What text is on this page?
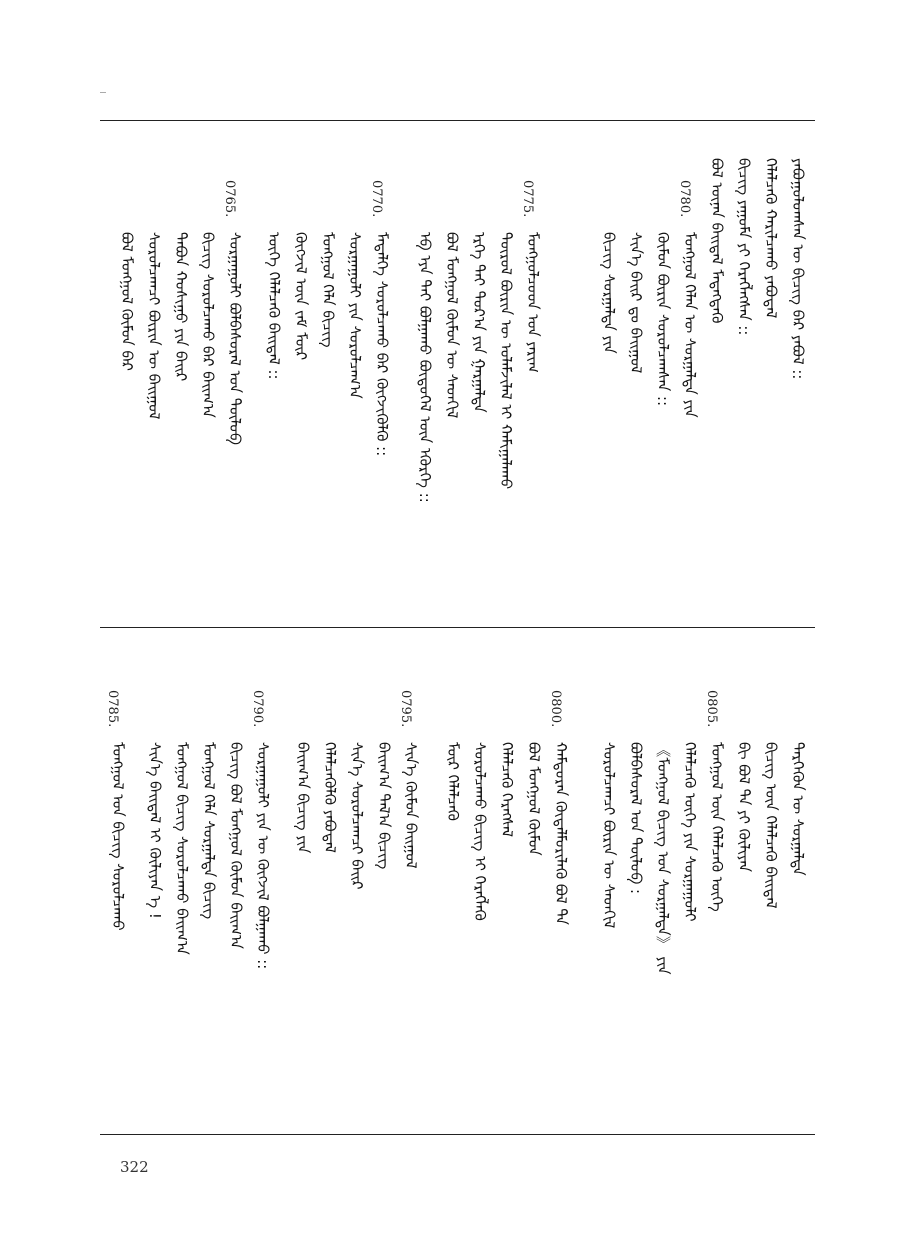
ᠶᠠᠪᠤᠭᠤᠯᠤᠭᠰᠠᠨ ᠦ ᠪᠢᠴᠢᠭ᠌ ᠪᠡᠷ ᠶᠠᠪᠤᠯ ::
ᠬᠡᠯᠡᠯᠴᠡᠬᠦ ᠬᠠᠷᠢᠯᠴᠠᠬᠤ ᠶᠠᠪᠤᠳᠠᠯ
ᠪᠢᠴᠢᠭ᠌ ᠶᠠᠭᠤᠮᠠ ᠶᠢ ᠬᠡᠷᠡᠭᠯᠡᠭᠰᠡᠨ ::
ᠪᠣᠯ ᠦᠨᠡᠨ ᠪᠠᠢᠳᠠᠯ ᠮᠡᠳᠡᠭᠳᠡᠬᠦ
0780.
ᠮᠣᠩᠭᠣᠯ ᠬᠡᠯᠡᠨ ᠦ ᠰᠤᠷᠭᠠᠯᠲᠠ ᠶᠢᠨ
ᠬᠦᠮᠦᠨ ᠪᠦᠷᠢᠨ ᠰᠤᠷᠤᠯᠴᠠᠭᠰᠠᠨ ::
ᠰᠢᠨ᠎ᠡ ᠪᠠᠢᠷ ᠳᠤ ᠪᠠᠢᠭᠤᠯ
ᠪᠢᠴᠢᠭ᠌ ᠰᠤᠷᠭᠠᠯᠲᠠ ᠶᠢᠨ
0775.
ᠮᠣᠩᠭᠣᠯᠴᠤᠳ ᠤᠨ ᠶᠠᠷᠢᠭ
ᠲᠥᠷᠥᠯ ᠪᠦᠷᠢᠨ ᠦ ᠤᠯᠠᠮᠵᠢᠯᠠᠯ ᠢ ᠬᠠᠮᠢᠭᠠᠯᠠᠬᠤ
ᠡᠷᠬᠡ ᠲᠡᠢ ᠳᠤᠷ᠎ᠠ ᠶᠢᠨ ᠭᠠᠷᠭᠠᠯᠲᠠ
ᠪᠣᠯ ᠮᠣᠩᠭᠣᠯ ᠬᠦᠮᠦᠨ ᠦ ᠰᠡᠳᠬᠢᠯ
ᠡᠪ ᠡᠶᠡ ᠲᠠᠢ ᠪᠣᠯᠭᠠᠬᠤ ᠪᠦᠲᠦᠭᠡᠯ ᠦᠨ ᠡᠭᠦᠷᠭᠡ ::
0770.
ᠮᠡᠳᠡᠯᠭᠡ ᠰᠤᠷᠤᠯᠴᠠᠬᠤ ᠪᠠᠷ ᠬᠥᠭᠵᠢᠭᠦᠯᠬᠦ ::
ᠰᠤᠷᠭᠠᠭᠤᠯᠢ ᠶᠢᠨ ᠰᠤᠷᠤᠯᠴᠠᠭ᠎ᠠ
ᠮᠣᠩᠭᠣᠯ ᠬᠡᠯᠡ ᠪᠢᠴᠢᠭ
ᠬᠥᠭᠵᠢᠯ ᠦᠨ ᠵᠠᠮ ᠮᠥᠷ
ᠦᠭᠡ ᠬᠡᠯᠡᠯᠴᠡᠬᠦ ᠪᠠᠢᠳᠠᠯ ::
0765.
ᠰᠤᠷᠭᠠᠭᠤᠯᠢ ᠪᠣᠯᠪᠠᠰᠤᠷᠠᠯ ᠤᠨ ᠲᠥᠯᠥᠪ
ᠪᠢᠴᠢᠭ᠌ ᠰᠤᠷᠤᠯᠴᠠᠬᠤ ᠪᠠᠷ ᠪᠠᠢᠭ᠎ᠠ
ᠲᠠᠪᠤᠨ ᠬᠣᠰᠢᠭᠤ ᠶᠢᠨ ᠪᠠᠢᠷ
ᠰᠤᠷᠤᠯᠴᠠᠭᠴᠢ ᠪᠦᠷᠢᠨ ᠦ ᠪᠠᠢᠭᠤᠯ
ᠪᠣᠯ ᠮᠣᠩᠭᠣᠯ ᠬᠦᠮᠦᠨ ᠪᠠᠷ
ᠲᠡᠷᠭᠡᠭᠦᠨ ᠦ ᠰᠤᠷᠭᠠᠯᠲᠠ
ᠪᠢᠴᠢᠭ᠌ ᠦᠨ ᠬᠡᠯᠡᠯᠴᠡᠬᠦ ᠪᠠᠢᠳᠠᠯ
ᠪᠢ ᠪᠣᠯ ᠲᠠ ᠶᠢ ᠬᠦᠯᠢᠶᠡᠨ
0805.
ᠮᠣᠩᠭᠣᠯ ᠦᠨ ᠬᠡᠯᠡᠯᠴᠡᠬᠦ ᠦᠭᠡ
ᠬᠡᠯᠡᠯᠴᠡᠬᠦ ᠦᠭᠡ ᠶᠢᠨ ᠰᠤᠷᠭᠠᠭᠤᠯᠢ
《ᠮᠣᠩᠭᠣᠯ ᠪᠢᠴᠢᠭ᠌ ᠤᠨ ᠰᠤᠷᠭᠠᠯᠲᠠ》 ᠶᠢᠨ
ᠪᠣᠯᠪᠠᠰᠤᠷᠠᠯ ᠤᠨ ᠲᠥᠯᠥᠪ :
ᠰᠤᠷᠤᠯᠴᠠᠭᠴᠢ ᠪᠦᠷᠢᠨ ᠦ ᠰᠡᠳᠬᠢᠯ
0800.
ᠬᠠᠮᠲᠤᠷᠠᠨ ᠬᠥᠳᠡᠯᠮᠦᠷᠢᠯᠡᠬᠦ ᠪᠣᠯ ᠲᠠ
ᠪᠣᠯ ᠮᠣᠩᠭᠣᠯ ᠬᠦᠮᠦᠨ
ᠬᠡᠯᠡᠯᠴᠡᠬᠦ ᠬᠡᠷᠡᠭᠰᠡᠯ
ᠰᠤᠷᠤᠯᠴᠠᠬᠤ ᠪᠢᠴᠢᠭ᠌ ᠢ ᠬᠡᠷᠡᠭᠯᠡᠬᠦ
ᠮᠥᠷ ᠬᠡᠯᠡᠯᠴᠡᠬᠦ
0795.
ᠰᠢᠨ᠎ᠡ ᠬᠦᠮᠦᠨ ᠪᠠᠢᠭᠤᠯ
ᠪᠠᠢᠭ᠎ᠠ ᠲᠠᠯ᠎ᠠ ᠪᠢᠴᠢᠭ
ᠰᠢᠨ᠎ᠡ ᠰᠤᠷᠤᠯᠴᠠᠭᠴᠢ ᠪᠠᠢᠷ
ᠬᠡᠯᠡᠯᠴᠡᠭᠦᠯᠬᠦ ᠶᠠᠪᠤᠳᠠᠯ
ᠪᠠᠢᠭ᠎ᠠ ᠪᠢᠴᠢᠭ᠌ ᠶᠢᠨ
0790.
ᠰᠤᠷᠭᠠᠭᠤᠯᠢ ᠶᠢᠨ ᠦ ᠬᠥᠭᠵᠢᠯ ᠪᠣᠯᠭᠠᠬᠤ ::
ᠪᠢᠴᠢᠭ᠌ ᠪᠣᠯ ᠮᠣᠩᠭᠣᠯ ᠬᠦᠮᠦᠨ ᠪᠠᠢᠭ᠎ᠠ
ᠮᠣᠩᠭᠣᠯ ᠬᠡᠯᠡ ᠰᠤᠷᠭᠠᠯᠲᠠ ᠪᠢᠴᠢᠭ
ᠮᠣᠩᠭᠣᠯ ᠪᠢᠴᠢᠭ᠌ ᠰᠤᠷᠤᠯᠴᠠᠬᠤ ᠪᠠᠢᠭ᠎ᠠ
ᠰᠢᠨ᠎ᠡ ᠪᠠᠢᠳᠠᠯ ᠢ ᠬᠦᠯᠢᠶᠡᠨ ᠡ !
0785.
ᠮᠣᠩᠭᠣᠯ ᠤᠨ ᠪᠢᠴᠢᠭ᠌ ᠰᠤᠷᠤᠯᠴᠠᠬᠤ
322
